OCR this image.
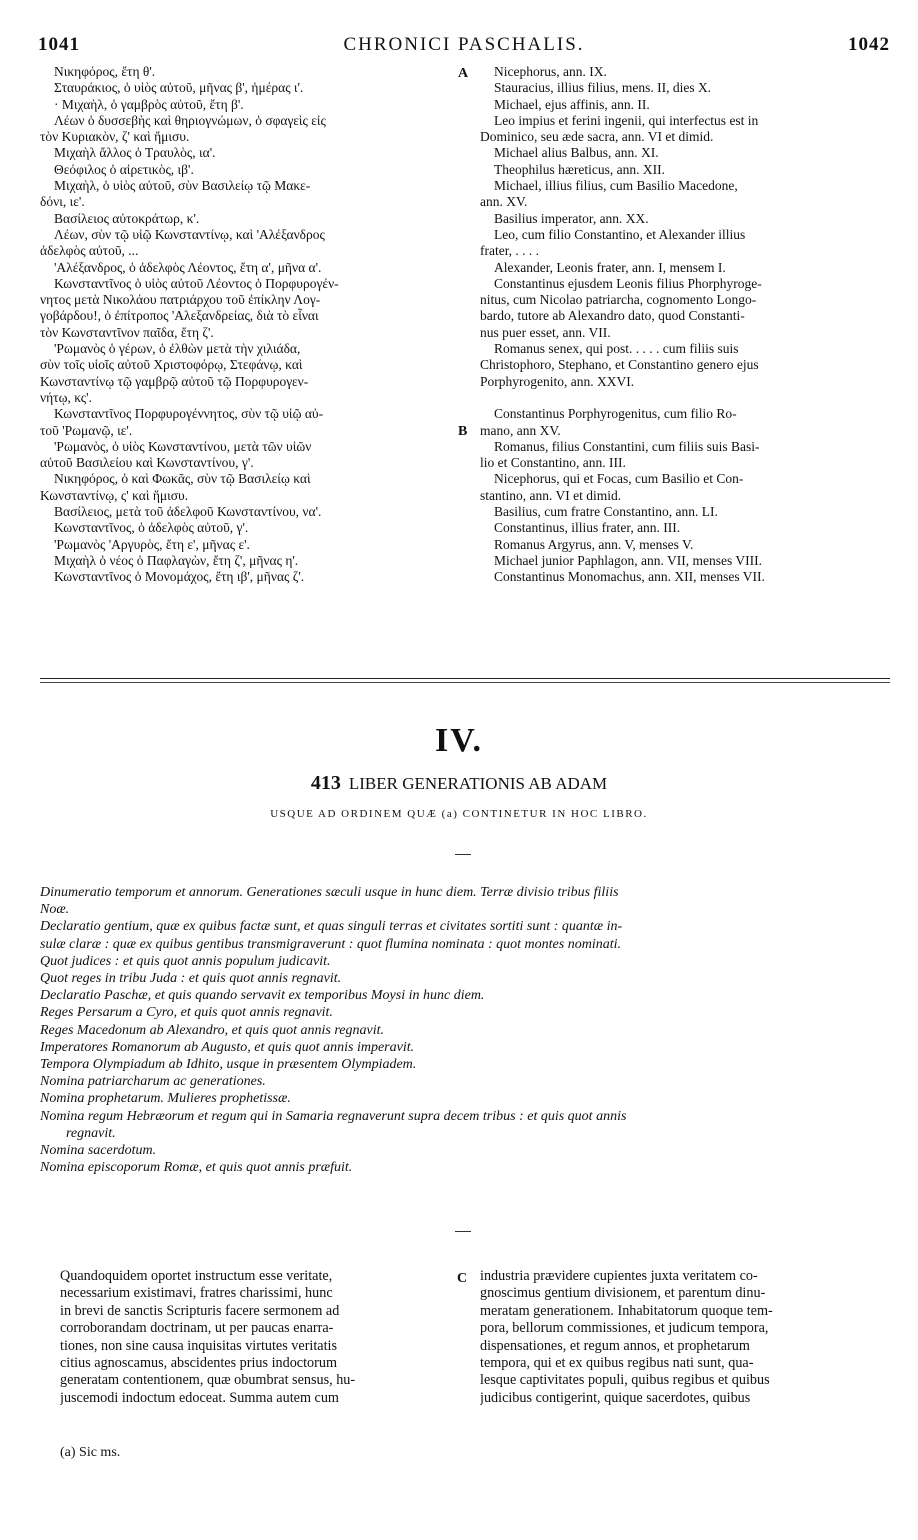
1041	CHRONICI PASCHALIS.	1042
Νικηφόρος, ἔτη θ'.
Σταυράκιος, ὁ υἱὸς αὐτοῦ, μῆνας β', ἡμέρας ι'.
· Μιχαὴλ, ὁ γαμβρὸς αὐτοῦ, ἔτη β'.
Λέων ὁ δυσσεβὴς καὶ θηριογνώμων, ὁ σφαγεὶς εἰς
τὸν Κυριακὸν, ζ' καὶ ἥμισυ.
Μιχαὴλ ἄλλος ὁ Τραυλὸς, ια'.
Θεόφιλος ὁ αἱρετικὸς, ιβ'.
Μιχαὴλ, ὁ υἱὸς αὐτοῦ, σὺν Βασιλείῳ τῷ Μακε-
δόνι, ιε'.
Βασίλειος αὐτοκράτωρ, κ'.
Λέων, σὺν τῷ υἱῷ Κωνσταντίνῳ, καὶ 'Αλέξανδρος
ἀδελφὸς αὐτοῦ, ...
'Αλέξανδρος, ὁ ἀδελφὸς Λέοντος, ἔτη α', μῆνα α'.
Κωνσταντῖνος ὁ υἱὸς αὐτοῦ Λέοντος ὁ Πορφυρογέν-
νητος μετὰ Νικολάου πατριάρχου τοῦ ἐπίκλην Λογ-
γοβάρδου!, ὁ ἐπίτροπος 'Αλεξανδρείας, διὰ τὸ εἶναι
τὸν Κωνσταντῖνον παῖδα, ἔτη ζ'.
'Ρωμανὸς ὁ γέρων, ὁ ἐλθὼν μετὰ τὴν χιλιάδα,
σὺν τοῖς υἱοῖς αὐτοῦ Χριστοφόρῳ, Στεφάνῳ, καὶ
Κωνσταντίνῳ τῷ γαμβρῷ αὐτοῦ τῷ Πορφυρογεν-
νήτῳ, κς'.
Κωνσταντῖνος Πορφυρογέννητος, σὺν τῷ υἱῷ αὐ-
τοῦ 'Ρωμανῷ, ιε'.
'Ρωμανὸς, ὁ υἱὸς Κωνσταντίνου, μετὰ τῶν υἱῶν
αὐτοῦ Βασιλείου καὶ Κωνσταντίνου, γ'.
Νικηφόρος, ὁ καὶ Φωκᾶς, σὺν τῷ Βασιλείῳ καὶ
Κωνσταντίνῳ, ς' καὶ ἥμισυ.
Βασίλειος, μετὰ τοῦ ἀδελφοῦ Κωνσταντίνου, να'.
Κωνσταντῖνος, ὁ ἀδελφὸς αὐτοῦ, γ'.
'Ρωμανὸς 'Αργυρὸς, ἔτη ε', μῆνας ε'.
Μιχαὴλ ὁ νέος ὁ Παφλαγὼν, ἔτη ζ', μῆνας η'.
Κωνσταντῖνος ὁ Μονομάχος, ἔτη ιβ', μῆνας ζ'.
Nicephorus, ann. IX.
Stauracius, illius filius, mens. II, dies X.
Michael, ejus affinis, ann. II.
Leo impius et ferini ingenii, qui interfectus est in
Dominico, seu æde sacra, ann. VI et dimid.
Michael alius Balbus, ann. XI.
Theophilus hæreticus, ann. XII.
Michael, illius filius, cum Basilio Macedone,
ann. XV.
Basilius imperator, ann. XX.
Leo, cum filio Constantino, et Alexander illius
frater, . . . .
Alexander, Leonis frater, ann. I, mensem I.
Constantinus ejusdem Leonis filius Phorphyroge-
nitus, cum Nicolao patriarcha, cognomento Longo-
bardo, tutore ab Alexandro dato, quod Constanti-
nus puer esset, ann. VII.
Romanus senex, qui post. . . . . cum filiis suis
Christophoro, Stephano, et Constantino genero ejus
Porphyrogenito, ann. XXVI.
Constantinus Porphyrogenitus, cum filio Ro-
mano, ann XV.
Romanus, filius Constantini, cum filiis suis Basi-
lio et Constantino, ann. III.
Nicephorus, qui et Focas, cum Basilio et Con-
stantino, ann. VI et dimid.
Basilius, cum fratre Constantino, ann. LI.
Constantinus, illius frater, ann. III.
Romanus Argyrus, ann. V, menses V.
Michael junior Paphlagon, ann. VII, menses VIII.
Constantinus Monomachus, ann. XII, menses VII.
A
B
C
IV.
413 LIBER GENERATIONIS AB ADAM
USQUE AD ORDINEM QUÆ (a) CONTINETUR IN HOC LIBRO.
Dinumeratio temporum et annorum. Generationes sæculi usque in hunc diem. Terræ divisio tribus filiis
Noæ.
Declaratio gentium, quæ ex quibus factæ sunt, et quas singuli terras et civitates sortiti sunt : quantæ in-
sulæ claræ : quæ ex quibus gentibus transmigraverunt : quot flumina nominata : quot montes nominati.
Quot judices : et quis quot annis populum judicavit.
Quot reges in tribu Juda : et quis quot annis regnavit.
Declaratio Paschæ, et quis quando servavit ex temporibus Moysi in hunc diem.
Reges Persarum a Cyro, et quis quot annis regnavit.
Reges Macedonum ab Alexandro, et quis quot annis regnavit.
Imperatores Romanorum ab Augusto, et quis quot annis imperavit.
Tempora Olympiadum ab Idhito, usque in præsentem Olympiadem.
Nomina patriarcharum ac generationes.
Nomina prophetarum. Mulieres prophetissæ.
Nomina regum Hebræorum et regum qui in Samaria regnaverunt supra decem tribus : et quis quot annis
regnavit.
Nomina sacerdotum.
Nomina episcoporum Romæ, et quis quot annis præfuit.
Quandoquidem oportet instructum esse veritate,
necessarium existimavi, fratres charissimi, hunc
in brevi de sanctis Scripturis facere sermonem ad
corroborandam doctrinam, ut per paucas enarra-
tiones, non sine causa inquisitas virtutes veritatis
citius agnoscamus, abscidentes prius indoctorum
generatam contentionem, quæ obumbrat sensus, hu-
juscemodi indoctum edoceat. Summa autem cum
industria prævidere cupientes juxta veritatem co-
gnoscimus gentium divisionem, et parentum dinu-
meratam generationem. Inhabitatorum quoque tem-
pora, bellorum commissiones, et judicum tempora,
dispensationes, et regum annos, et prophetarum
tempora, qui et ex quibus regibus nati sunt, qua-
lesque captivitates populi, quibus regibus et quibus
judicibus contigerint, quique sacerdotes, quibus
(a) Sic ms.
